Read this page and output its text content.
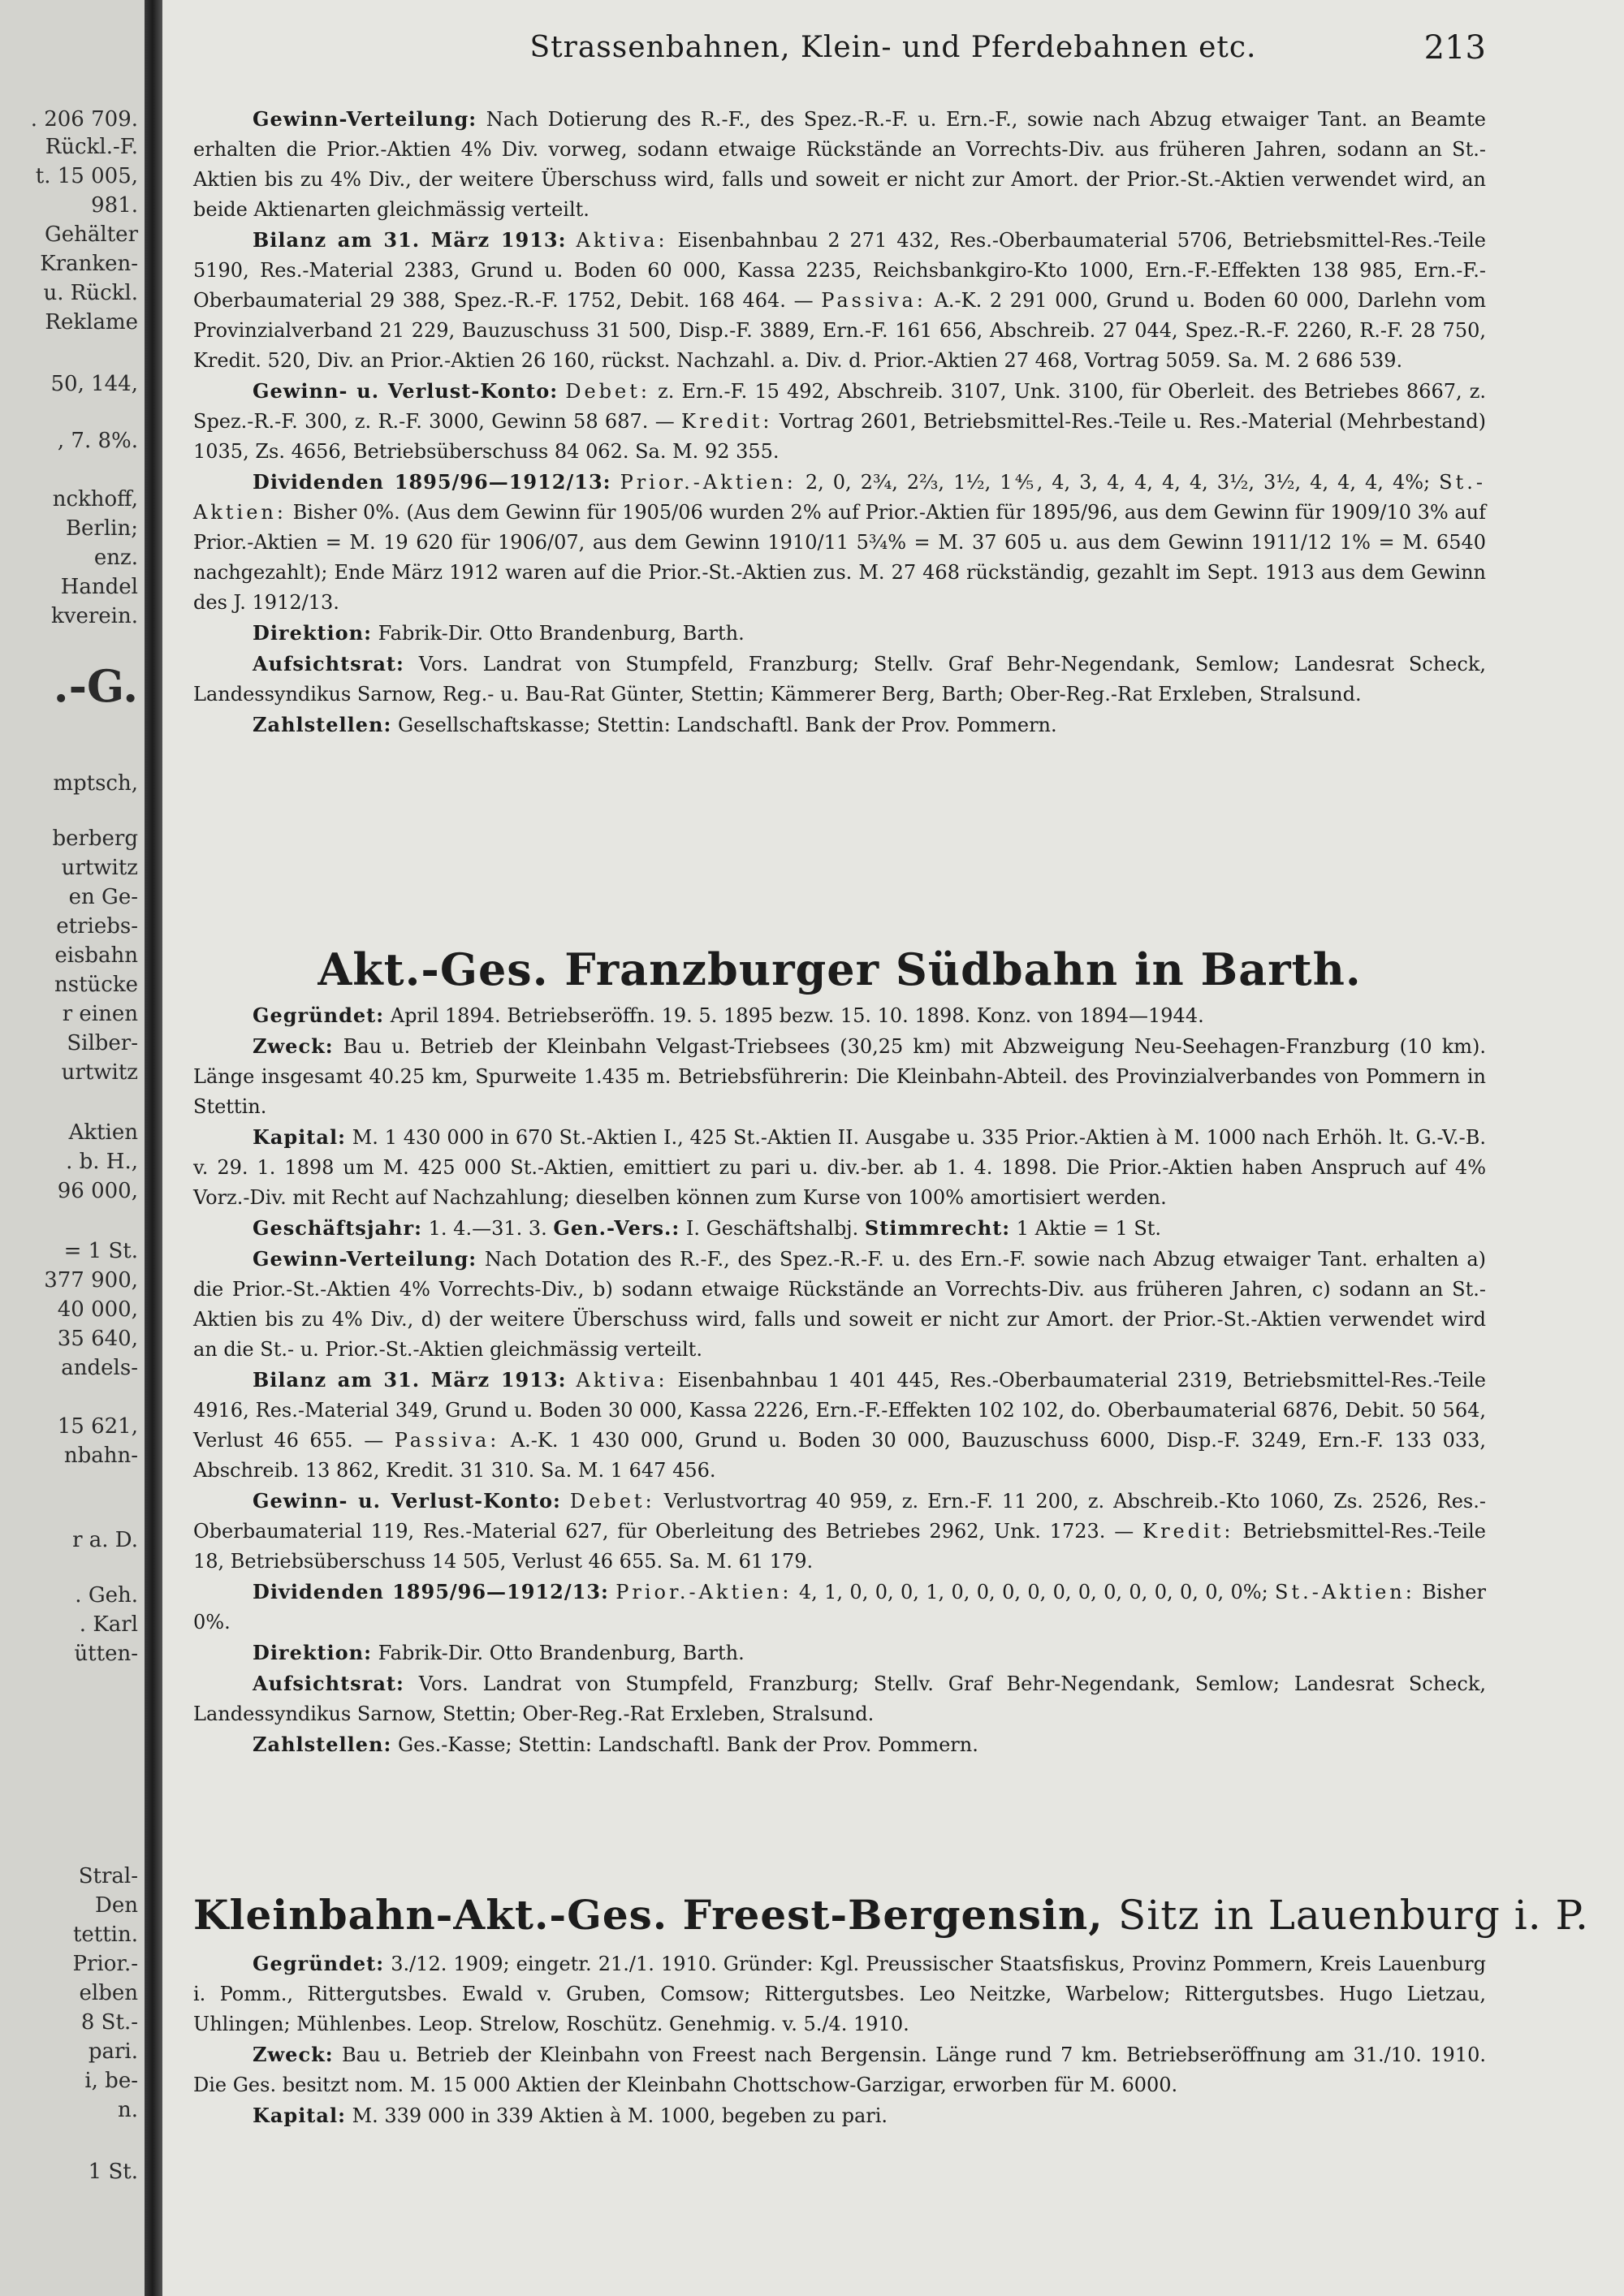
. 206 709.
Rückl.-F.
t. 15 005,
981.
Gehälter
Kranken-
u. Rückl.
Reklame
50, 144,
, 7. 8%.
nckhoff,
Berlin;
enz.
Handel
kverein.
.-G.
mptsch,
berberg
urtwitz
en Ge-
etriebs-
eisbahn
nstücke
r einen
Silber-
urtwitz
Aktien
. b. H.,
96 000,
= 1 St.
377 900,
40 000,
35 640,
andels-
15 621,
nbahn-
r a. D.
. Geh.
. Karl
ütten-
Stral-
Den
tettin.
Prior.-
elben
8 St.-
pari.
i, be-
n.
1 St.
Strassenbahnen, Klein- und Pferdebahnen etc.	213

Gewinn-Verteilung: Nach Dotierung des R.-F., des Spez.-R.-F. u. Ern.-F., sowie nach Abzug etwaiger Tant. an Beamte erhalten die Prior.-Aktien 4% Div. vorweg, sodann etwaige Rückstände an Vorrechts-Div. aus früheren Jahren, sodann an St.-Aktien bis zu 4% Div., der weitere Überschuss wird, falls und soweit er nicht zur Amort. der Prior.-St.-Aktien verwendet wird, an beide Aktienarten gleichmässig verteilt.

Bilanz am 31. März 1913: Aktiva: Eisenbahnbau 2 271 432, Res.-Oberbaumaterial 5706, Betriebsmittel-Res.-Teile 5190, Res.-Material 2383, Grund u. Boden 60 000, Kassa 2235, Reichsbankgiro-Kto 1000, Ern.-F.-Effekten 138 985, Ern.-F.-Oberbaumaterial 29 388, Spez.-R.-F. 1752, Debit. 168 464. — Passiva: A.-K. 2 291 000, Grund u. Boden 60 000, Darlehn vom Provinzialverband 21 229, Bauzuschuss 31 500, Disp.-F. 3889, Ern.-F. 161 656, Abschreib. 27 044, Spez.-R.-F. 2260, R.-F. 28 750, Kredit. 520, Div. an Prior.-Aktien 26 160, rückst. Nachzahl. a. Div. d. Prior.-Aktien 27 468, Vortrag 5059. Sa. M. 2 686 539.

Gewinn- u. Verlust-Konto: Debet: z. Ern.-F. 15 492, Abschreib. 3107, Unk. 3100, für Oberleit. des Betriebes 8667, z. Spez.-R.-F. 300, z. R.-F. 3000, Gewinn 58 687. — Kredit: Vortrag 2601, Betriebsmittel-Res.-Teile u. Res.-Material (Mehrbestand) 1035, Zs. 4656, Betriebsüberschuss 84 062. Sa. M. 92 355.

Dividenden 1895/96—1912/13: Prior.-Aktien: 2, 0, 2¾, 2⅔, 1½, 1⅘, 4, 3, 4, 4, 4, 4, 3½, 3½, 4, 4, 4, 4%; St.-Aktien: Bisher 0%. (Aus dem Gewinn für 1905/06 wurden 2% auf Prior.-Aktien für 1895/96, aus dem Gewinn für 1909/10 3% auf Prior.-Aktien = M. 19 620 für 1906/07, aus dem Gewinn 1910/11 5¾% = M. 37 605 u. aus dem Gewinn 1911/12 1% = M. 6540 nachgezahlt); Ende März 1912 waren auf die Prior.-St.-Aktien zus. M. 27 468 rückständig, gezahlt im Sept. 1913 aus dem Gewinn des J. 1912/13.

Direktion: Fabrik-Dir. Otto Brandenburg, Barth.

Aufsichtsrat: Vors. Landrat von Stumpfeld, Franzburg; Stellv. Graf Behr-Negendank, Semlow; Landesrat Scheck, Landessyndikus Sarnow, Reg.- u. Bau-Rat Günter, Stettin; Kämmerer Berg, Barth; Ober-Reg.-Rat Erxleben, Stralsund.

Zahlstellen: Gesellschaftskasse; Stettin: Landschaftl. Bank der Prov. Pommern.

Akt.-Ges. Franzburger Südbahn in Barth.

Gegründet: April 1894. Betriebseröffn. 19. 5. 1895 bezw. 15. 10. 1898. Konz. von 1894—1944.

Zweck: Bau u. Betrieb der Kleinbahn Velgast-Triebsees (30,25 km) mit Abzweigung Neu-Seehagen-Franzburg (10 km). Länge insgesamt 40.25 km, Spurweite 1.435 m. Betriebsführerin: Die Kleinbahn-Abteil. des Provinzialverbandes von Pommern in Stettin.

Kapital: M. 1 430 000 in 670 St.-Aktien I., 425 St.-Aktien II. Ausgabe u. 335 Prior.-Aktien à M. 1000 nach Erhöh. lt. G.-V.-B. v. 29. 1. 1898 um M. 425 000 St.-Aktien, emittiert zu pari u. div.-ber. ab 1. 4. 1898. Die Prior.-Aktien haben Anspruch auf 4% Vorz.-Div. mit Recht auf Nachzahlung; dieselben können zum Kurse von 100% amortisiert werden.

Geschäftsjahr: 1. 4.—31. 3. Gen.-Vers.: I. Geschäftshalbj. Stimmrecht: 1 Aktie = 1 St.

Gewinn-Verteilung: Nach Dotation des R.-F., des Spez.-R.-F. u. des Ern.-F. sowie nach Abzug etwaiger Tant. erhalten a) die Prior.-St.-Aktien 4% Vorrechts-Div., b) sodann etwaige Rückstände an Vorrechts-Div. aus früheren Jahren, c) sodann an St.-Aktien bis zu 4% Div., d) der weitere Überschuss wird, falls und soweit er nicht zur Amort. der Prior.-St.-Aktien verwendet wird an die St.- u. Prior.-St.-Aktien gleichmässig verteilt.

Bilanz am 31. März 1913: Aktiva: Eisenbahnbau 1 401 445, Res.-Oberbaumaterial 2319, Betriebsmittel-Res.-Teile 4916, Res.-Material 349, Grund u. Boden 30 000, Kassa 2226, Ern.-F.-Effekten 102 102, do. Oberbaumaterial 6876, Debit. 50 564, Verlust 46 655. — Passiva: A.-K. 1 430 000, Grund u. Boden 30 000, Bauzuschuss 6000, Disp.-F. 3249, Ern.-F. 133 033, Abschreib. 13 862, Kredit. 31 310. Sa. M. 1 647 456.

Gewinn- u. Verlust-Konto: Debet: Verlustvortrag 40 959, z. Ern.-F. 11 200, z. Abschreib.-Kto 1060, Zs. 2526, Res.-Oberbaumaterial 119, Res.-Material 627, für Oberleitung des Betriebes 2962, Unk. 1723. — Kredit: Betriebsmittel-Res.-Teile 18, Betriebsüberschuss 14 505, Verlust 46 655. Sa. M. 61 179.

Dividenden 1895/96—1912/13: Prior.-Aktien: 4, 1, 0, 0, 0, 1, 0, 0, 0, 0, 0, 0, 0, 0, 0, 0, 0, 0%; St.-Aktien: Bisher 0%.

Direktion: Fabrik-Dir. Otto Brandenburg, Barth.

Aufsichtsrat: Vors. Landrat von Stumpfeld, Franzburg; Stellv. Graf Behr-Negendank, Semlow; Landesrat Scheck, Landessyndikus Sarnow, Stettin; Ober-Reg.-Rat Erxleben, Stralsund.

Zahlstellen: Ges.-Kasse; Stettin: Landschaftl. Bank der Prov. Pommern.

Kleinbahn-Akt.-Ges. Freest-Bergensin, Sitz in Lauenburg i. P.

Gegründet: 3./12. 1909; eingetr. 21./1. 1910. Gründer: Kgl. Preussischer Staatsfiskus, Provinz Pommern, Kreis Lauenburg i. Pomm., Rittergutsbes. Ewald v. Gruben, Comsow; Rittergutsbes. Leo Neitzke, Warbelow; Rittergutsbes. Hugo Lietzau, Uhlingen; Mühlenbes. Leop. Strelow, Roschütz. Genehmig. v. 5./4. 1910.

Zweck: Bau u. Betrieb der Kleinbahn von Freest nach Bergensin. Länge rund 7 km. Betriebseröffnung am 31./10. 1910. Die Ges. besitzt nom. M. 15 000 Aktien der Kleinbahn Chottschow-Garzigar, erworben für M. 6000.

Kapital: M. 339 000 in 339 Aktien à M. 1000, begeben zu pari.
